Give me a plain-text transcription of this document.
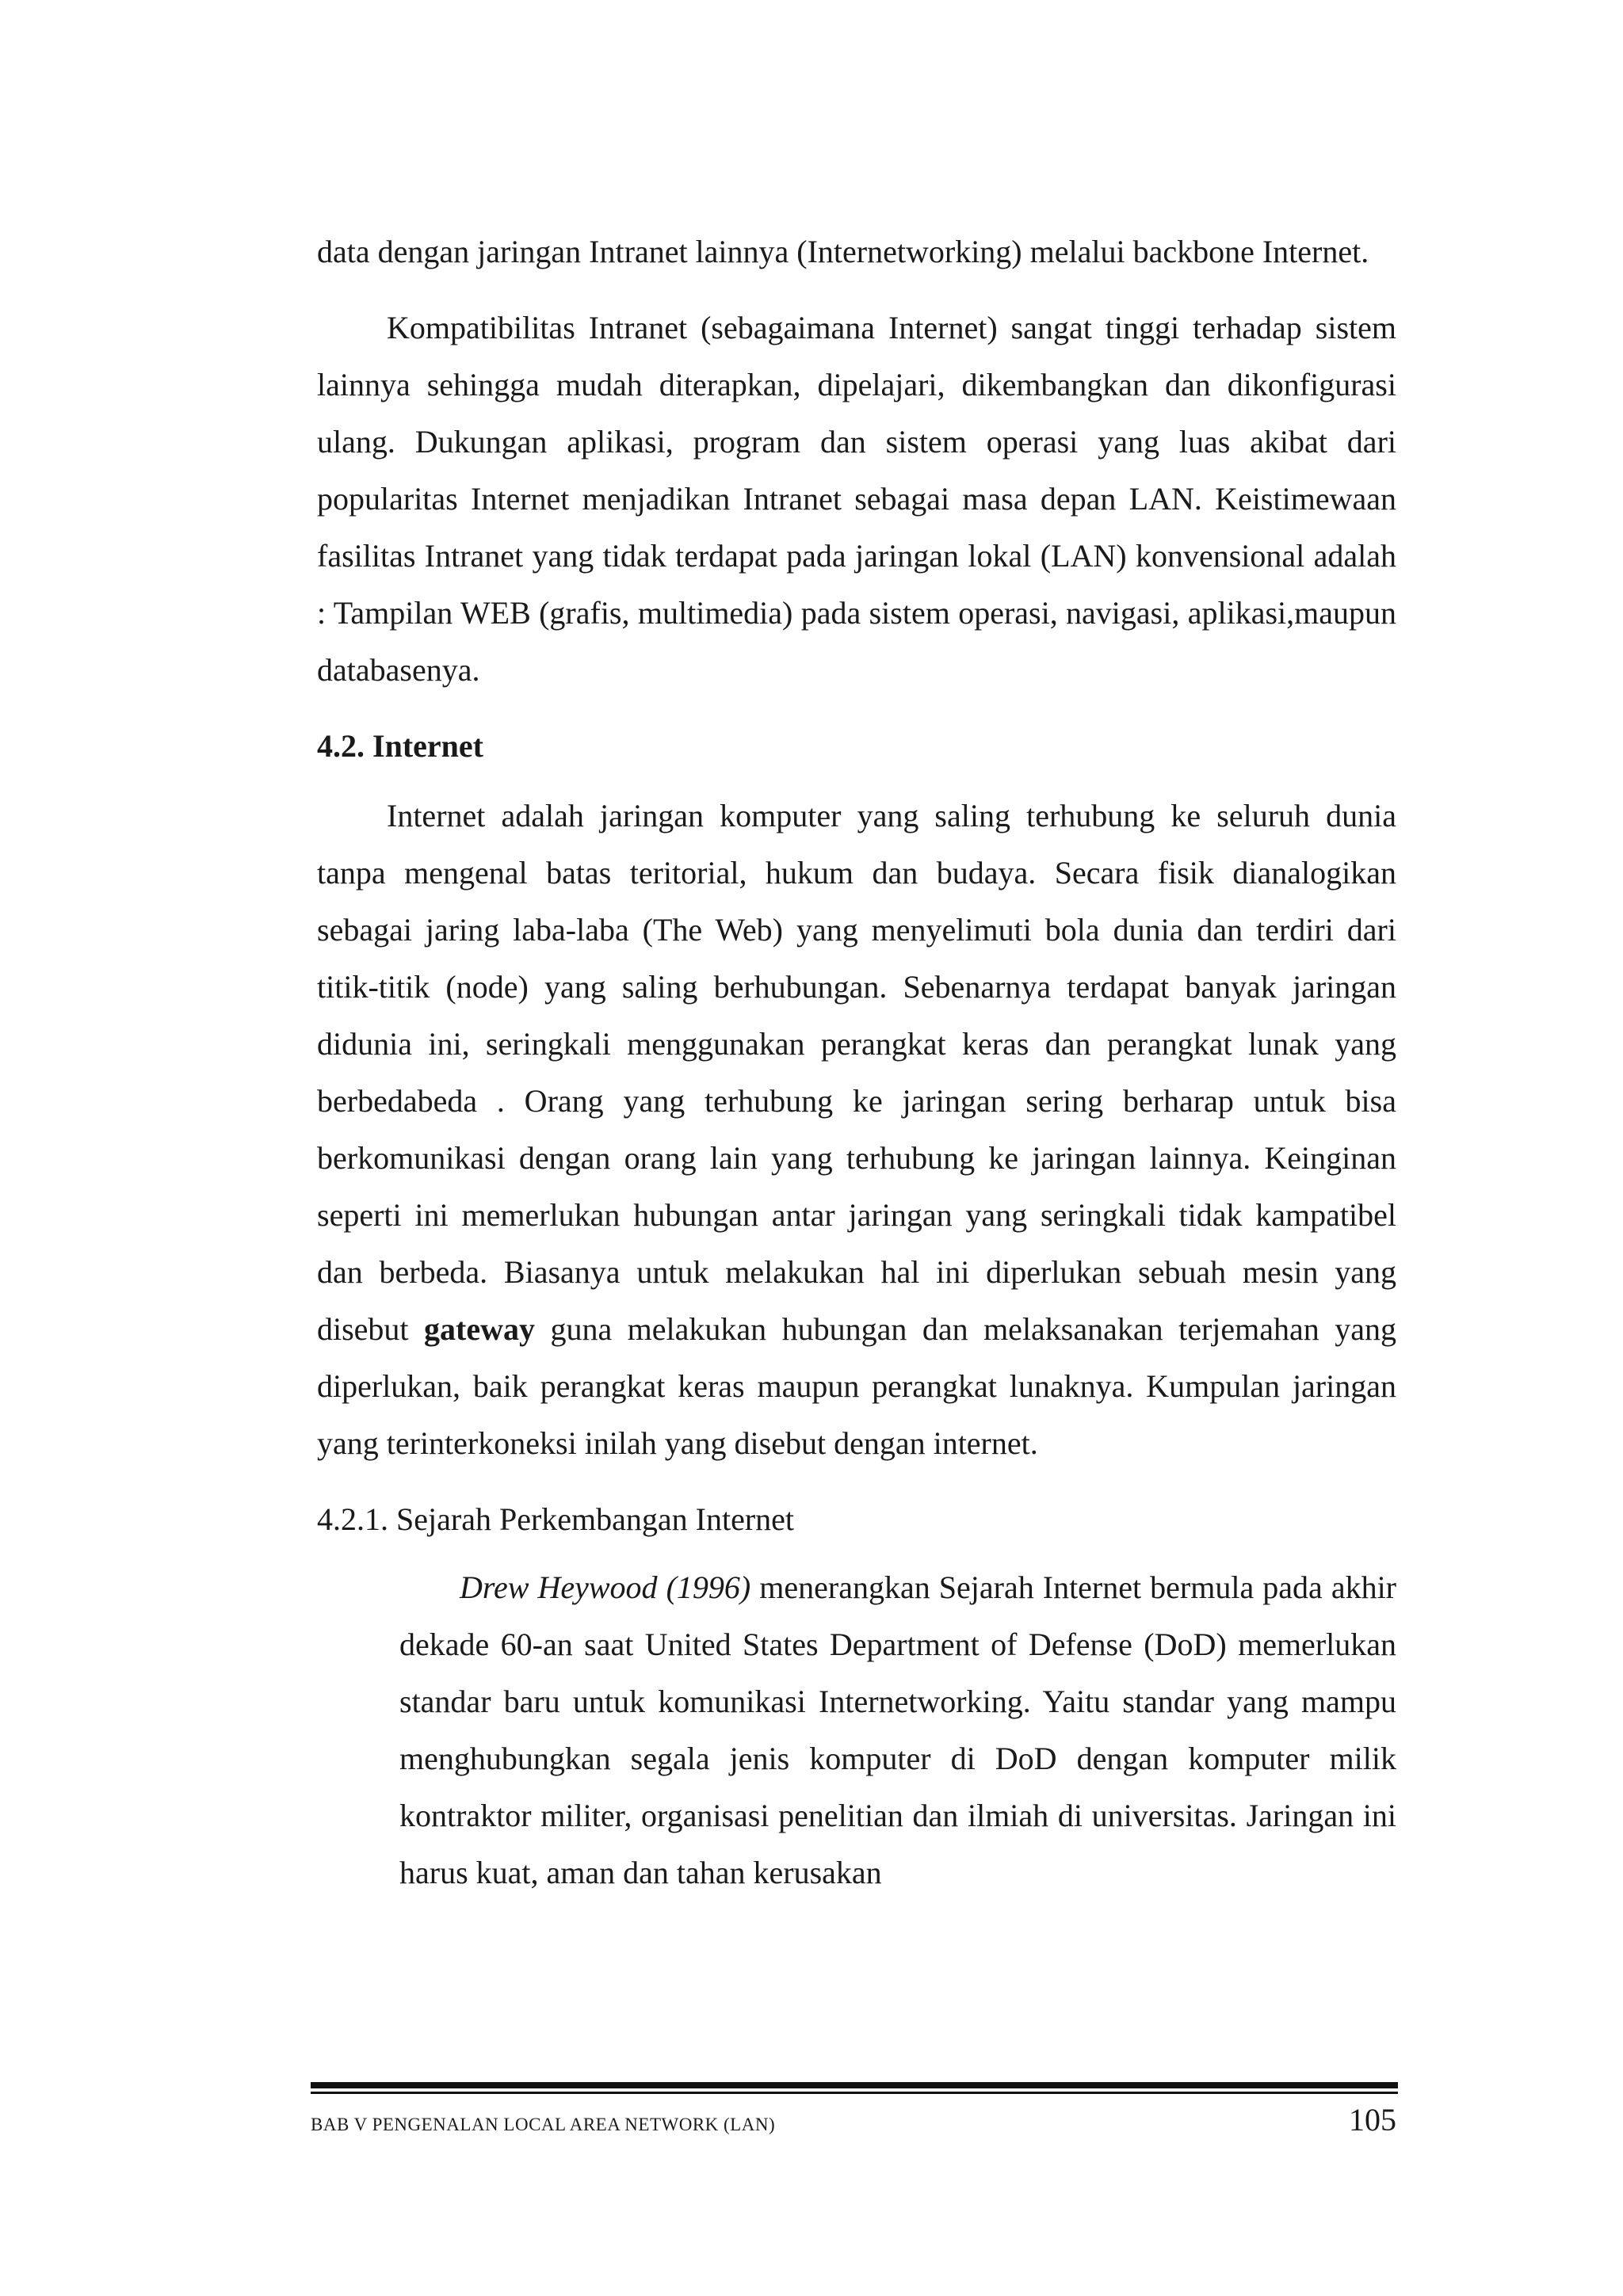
data dengan jaringan Intranet lainnya (Internetworking) melalui backbone Internet.

Kompatibilitas Intranet (sebagaimana Internet) sangat tinggi terhadap sistem lainnya sehingga mudah diterapkan, dipelajari, dikembangkan dan dikonfigurasi ulang. Dukungan aplikasi, program dan sistem operasi yang luas akibat dari popularitas Internet menjadikan Intranet sebagai masa depan LAN. Keistimewaan fasilitas Intranet yang tidak terdapat pada jaringan lokal (LAN) konvensional adalah : Tampilan WEB (grafis, multimedia) pada sistem operasi, navigasi, aplikasi,maupun databasenya.

4.2. Internet

Internet adalah jaringan komputer yang saling terhubung ke seluruh dunia tanpa mengenal batas teritorial, hukum dan budaya. Secara fisik dianalogikan sebagai jaring laba-laba (The Web) yang menyelimuti bola dunia dan terdiri dari titik-titik (node) yang saling berhubungan. Sebenarnya terdapat banyak jaringan didunia ini, seringkali menggunakan perangkat keras dan perangkat lunak yang berbedabeda . Orang yang terhubung ke jaringan sering berharap untuk bisa berkomunikasi dengan orang lain yang terhubung ke jaringan lainnya. Keinginan seperti ini memerlukan hubungan antar jaringan yang seringkali tidak kampatibel dan berbeda. Biasanya untuk melakukan hal ini diperlukan sebuah mesin yang disebut gateway guna melakukan hubungan dan melaksanakan terjemahan yang diperlukan, baik perangkat keras maupun perangkat lunaknya. Kumpulan jaringan yang terinterkoneksi inilah yang disebut dengan internet.

4.2.1. Sejarah Perkembangan Internet

Drew Heywood (1996) menerangkan Sejarah Internet bermula pada akhir dekade 60-an saat United States Department of Defense (DoD) memerlukan standar baru untuk komunikasi Internetworking. Yaitu standar yang mampu menghubungkan segala jenis komputer di DoD dengan komputer milik kontraktor militer, organisasi penelitian dan ilmiah di universitas. Jaringan ini harus kuat, aman dan tahan kerusakan

BAB V PENGENALAN LOCAL AREA NETWORK (LAN)	105
